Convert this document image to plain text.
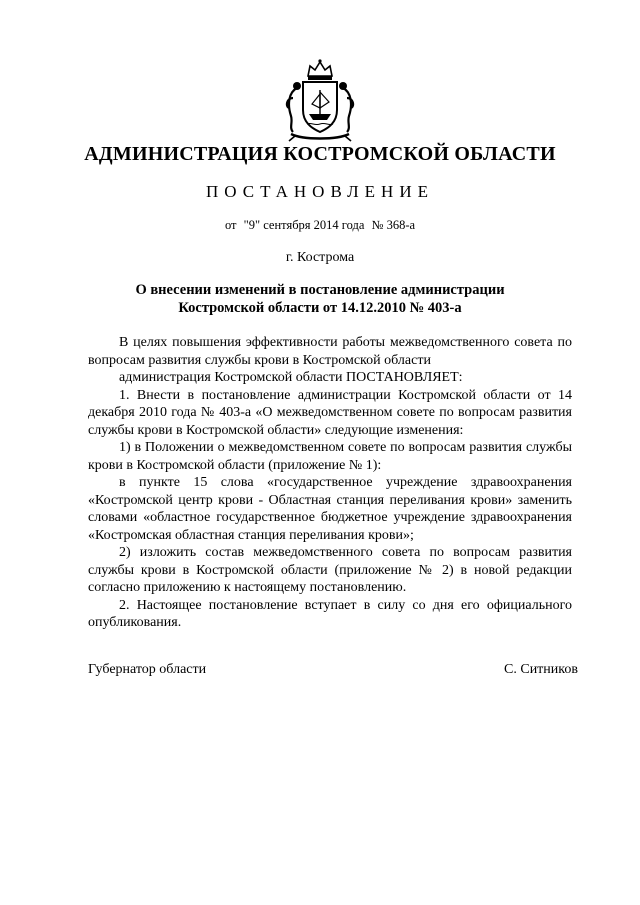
АДМИНИСТРАЦИЯ КОСТРОМСКОЙ ОБЛАСТИ
ПОСТАНОВЛЕНИЕ
от "9" сентября 2014 года № 368-а
г. Кострома
О внесении изменений в постановление администрации
Костромской области от 14.12.2010 № 403-а

В целях повышения эффективности работы межведомственного совета по вопросам развития службы крови в Костромской области

администрация Костромской области ПОСТАНОВЛЯЕТ:

1. Внести в постановление администрации Костромской области от 14 декабря 2010 года № 403-а «О межведомственном совете по вопросам развития службы крови в Костромской области» следующие изменения:

1) в Положении о межведомственном совете по вопросам развития службы крови в Костромской области (приложение № 1):

в пункте 15 слова «государственное учреждение здравоохранения «Костромской центр крови - Областная станция переливания крови» заменить словами «областное государственное бюджетное учреждение здравоохранения «Костромская областная станция переливания крови»;

2) изложить состав межведомственного совета по вопросам развития службы крови в Костромской области (приложение № 2) в новой редакции согласно приложению к настоящему постановлению.

2. Настоящее постановление вступает в силу со дня его официального опубликования.

Губернатор области	С. Ситников
